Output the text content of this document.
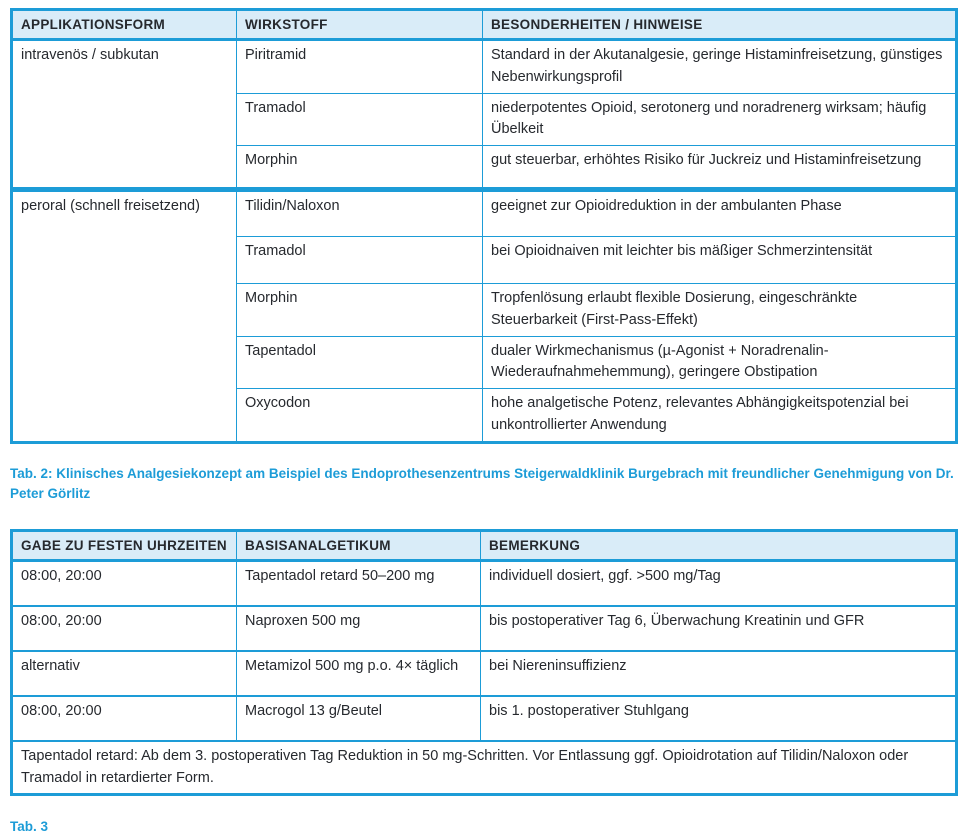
APPLIKATIONSFORM	WIRKSTOFF	BESONDERHEITEN / HINWEISE
intravenös / subkutan	Piritramid	Standard in der Akutanalgesie, geringe Histaminfreisetzung, günstiges Nebenwirkungsprofil
	Tramadol	niederpotentes Opioid, serotonerg und noradrenerg wirksam; häufig Übelkeit
	Morphin	gut steuerbar, erhöhtes Risiko für Juckreiz und Histaminfreisetzung
peroral (schnell freisetzend)	Tilidin/Naloxon	geeignet zur Opioidreduktion in der ambulanten Phase
	Tramadol	bei Opioidnaiven mit leichter bis mäßiger Schmerzintensität
	Morphin	Tropfenlösung erlaubt flexible Dosierung, eingeschränkte Steuerbarkeit (First-Pass-Effekt)
	Tapentadol	dualer Wirkmechanismus (µ-Agonist + Noradrenalin-Wiederaufnahmehemmung), geringere Obstipation
	Oxycodon	hohe analgetische Potenz, relevantes Abhängigkeitspotenzial bei unkontrollierter Anwendung

Tab. 2: Klinisches Analgesiekonzept am Beispiel des Endoprothesenzentrums Steigerwaldklinik Burgebrach mit freundlicher Genehmigung von Dr. Peter Görlitz

GABE ZU FESTEN UHRZEITEN	BASISANALGETIKUM	BEMERKUNG
08:00, 20:00	Tapentadol retard 50–200 mg	individuell dosiert, ggf. >500 mg/Tag
08:00, 20:00	Naproxen 500 mg	bis postoperativer Tag 6, Überwachung Kreatinin und GFR
alternativ	Metamizol 500 mg p.o. 4× täglich	bei Niereninsuffizienz
08:00, 20:00	Macrogol 13 g/Beutel	bis 1. postoperativer Stuhlgang
Tapentadol retard: Ab dem 3. postoperativen Tag Reduktion in 50 mg-Schritten. Vor Entlassung ggf. Opioidrotation auf Tilidin/Naloxon oder Tramadol in retardierter Form.		

Tab. 3
